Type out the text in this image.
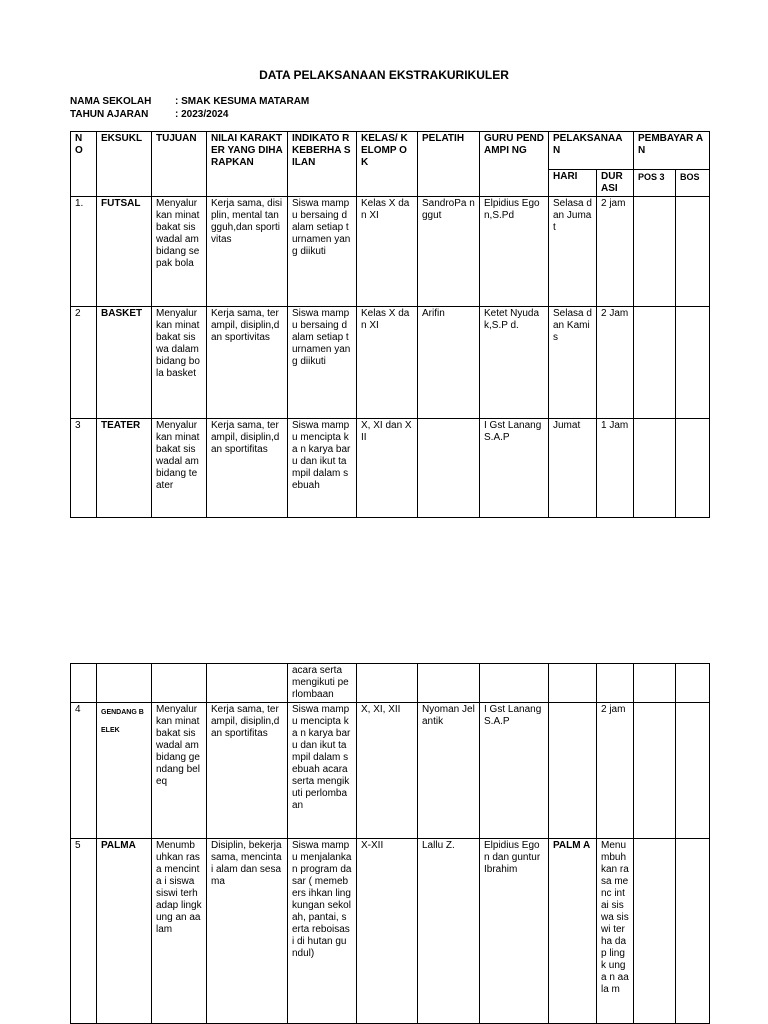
DATA PELAKSANAAN EKSTRAKURIKULER
NAMA SEKOLAH : SMAK KESUMA MATARAM
TAHUN AJARAN	: 2023/2024
N O	EKSUKL	TUJUAN	NILAI KARAKTER YANG DIHARAPKAN	INDIKATO R KEBERHA SILAN	KELAS/ KELOMP OK	PELATIH	GURU PENDAMPI NG	PELAKSANAA N		PEMBAYAR AN	
								HARI	DUR ASI	POS 3	BOS
1.	FUTSAL	Menyalur kan minat bakat siswadal am bidang sepak bola	Kerja sama, disiplin, mental tangguh,dan sportivitas	Siswa mampu bersaing dalam setiap turnamen yang diikuti	Kelas X dan XI	SandroPa nggut	Elpidius Egon,S.Pd	Selasa dan Jumat	2 jam		
2	BASKET	Menyalur kan minat bakat siswa dalam bidang bola basket	Kerja sama, terampil, disiplin,dan sportivitas	Siswa mampu bersaing dalam setiap turnamen yang diikuti	Kelas X dan XI	Arifin	Ketet Nyudak,S.P d.	Selasa dan Kamis	2 Jam		
3	TEATER	Menyalur kan minat bakat siswadal am bidang teater	Kerja sama, terampil, disiplin,dan sportifitas	Siswa mampu mencipta ka n karya baru dan ikut tampil dalam sebuah	X, XI dan XII		I Gst Lanang S.A.P	Jumat	1 Jam		
				acara serta mengikuti perlombaan							
4	GENDANG BELEK	Menyalur kan minat bakat siswadal am bidang gendang beleq	Kerja sama, terampil, disiplin,dan sportifitas	Siswa mampu mencipta ka n karya baru dan ikut tampil dalam sebuah acara serta mengikuti perlombaan	X, XI, XII	Nyoman Jelantik	I Gst Lanang S.A.P		2 jam		
5	PALMA	Menumb uhkan rasa mencinta i siswa siswi terhadap lingkung an aalam	Disiplin, bekerja sama, mencintai alam dan sesama	Siswa mampu menjalanka n program dasar ( memebers ihkan lingkungan sekolah, pantai, serta reboisasi di hutan gundul)	X-XII	Lallu Z.	Elpidius Egon dan guntur Ibrahim	PALM A	Menu mbuh kan rasa menc intai siswa siswi terha dap lingk unga n aala m		
